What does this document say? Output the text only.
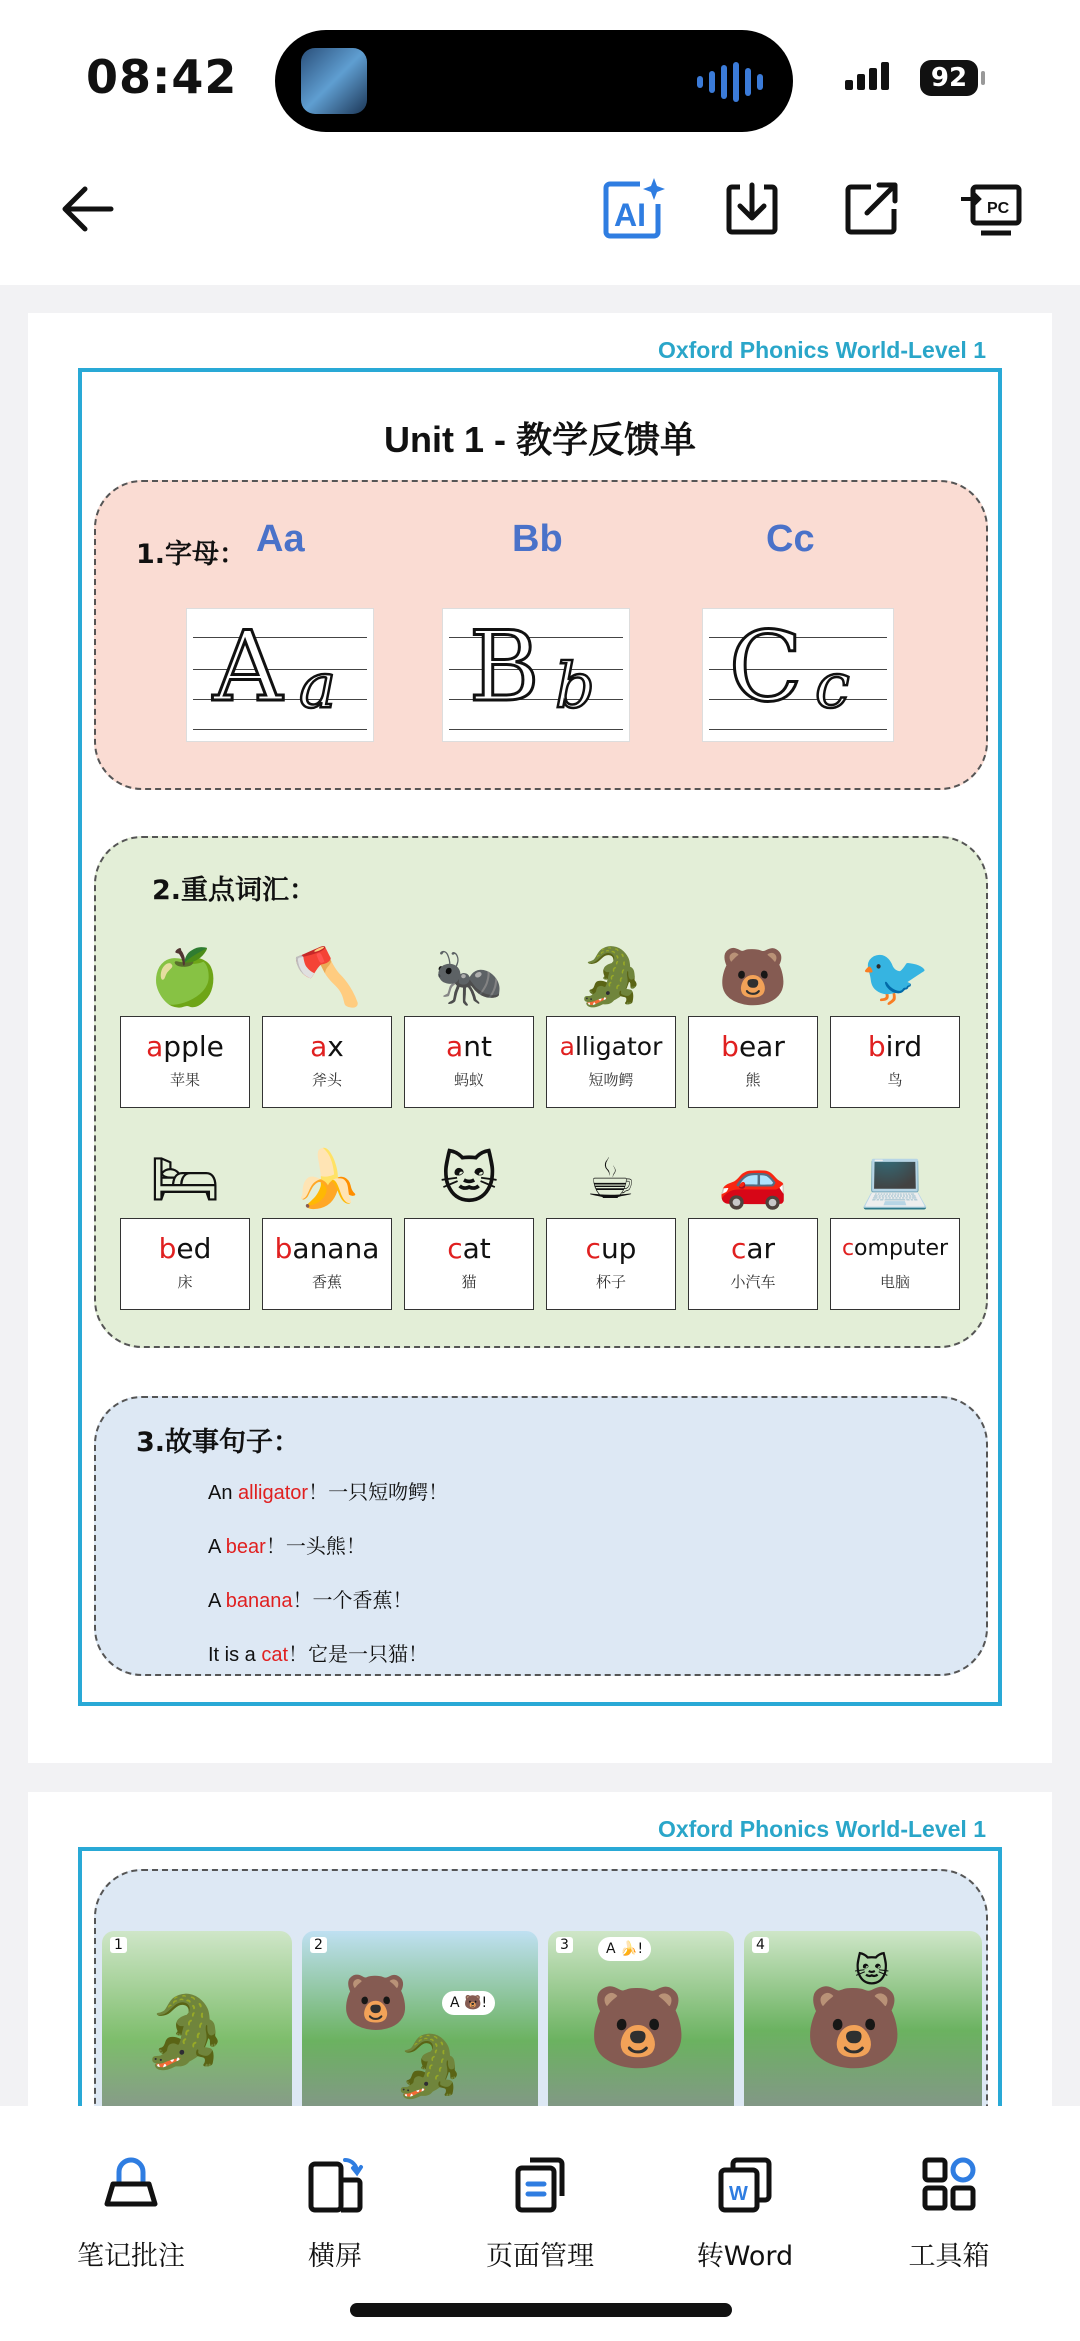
08:42	92
AI	PC
Oxford Phonics World-Level 1
Unit 1 - 教学反馈单
1.字母： Aa	Bb	Cc
A a B b C c
2.重点词汇：
🍏
apple
苹果
🪓
ax
斧头
🐜
ant
蚂蚁
🐊
alligator
短吻鳄
🐻
bear
熊
🐦
bird
鸟
🛏
bed
床
🍌
banana
香蕉
🐱
cat
猫
☕
cup
杯子
🚗
car
小汽车
💻
computer
电脑
3.故事句子：
An alligator！一只短吻鳄！
A bear！一头熊！
A banana！一个香蕉！
It is a cat！它是一只猫！
Oxford Phonics World-Level 1
1
🐊
2
🐻	A 🐻!
🐊
3	A 🍌!
🐻
4
🐻
🐱
笔记批注	横屏	页面管理
W
转Word	工具箱
